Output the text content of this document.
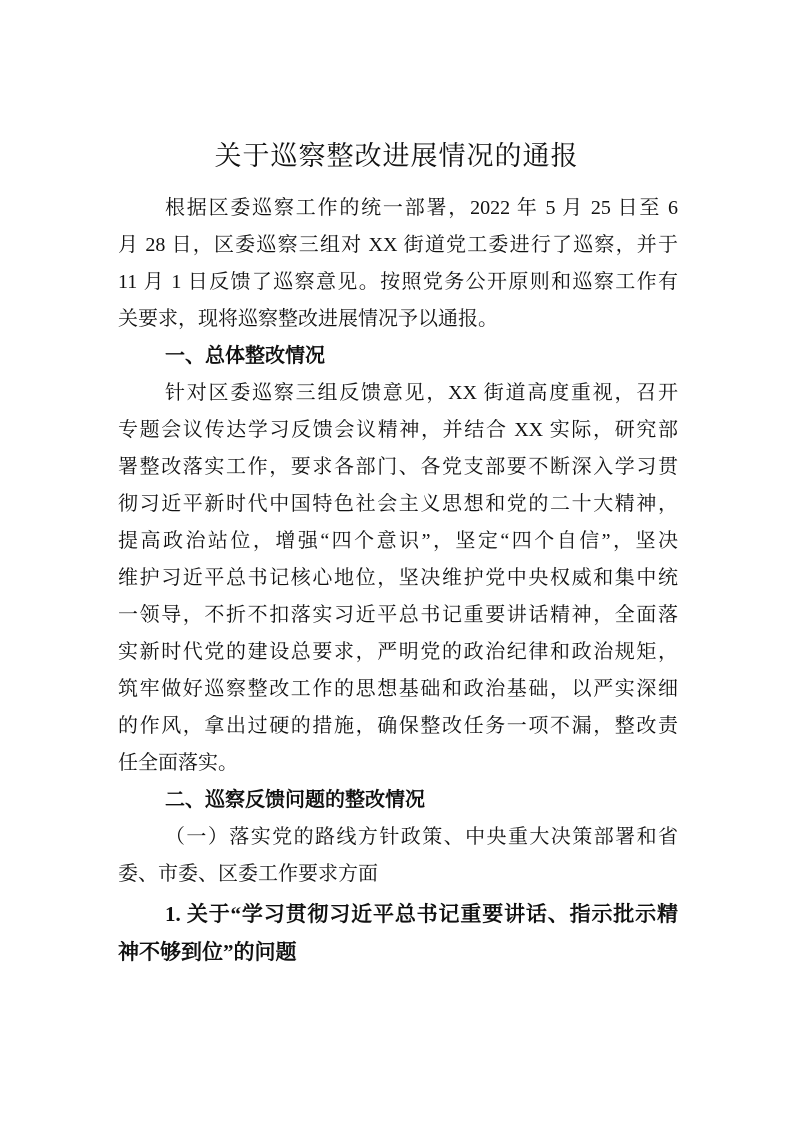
关于巡察整改进展情况的通报
根据区委巡察工作的统一部署，2022 年 5 月 25 日至 6
月 28 日，区委巡察三组对 XX 街道党工委进行了巡察，并于
11 月 1 日反馈了巡察意见。按照党务公开原则和巡察工作有
关要求，现将巡察整改进展情况予以通报。
一、总体整改情况
针对区委巡察三组反馈意见，XX 街道高度重视，召开
专题会议传达学习反馈会议精神，并结合 XX 实际，研究部
署整改落实工作，要求各部门、各党支部要不断深入学习贯
彻习近平新时代中国特色社会主义思想和党的二十大精神，
提高政治站位，增强“四个意识”，坚定“四个自信”，坚决
维护习近平总书记核心地位，坚决维护党中央权威和集中统
一领导，不折不扣落实习近平总书记重要讲话精神，全面落
实新时代党的建设总要求，严明党的政治纪律和政治规矩，
筑牢做好巡察整改工作的思想基础和政治基础，以严实深细
的作风，拿出过硬的措施，确保整改任务一项不漏，整改责
任全面落实。
二、巡察反馈问题的整改情况
（一）落实党的路线方针政策、中央重大决策部署和省
委、市委、区委工作要求方面
1. 关于“学习贯彻习近平总书记重要讲话、指示批示精
神不够到位”的问题
